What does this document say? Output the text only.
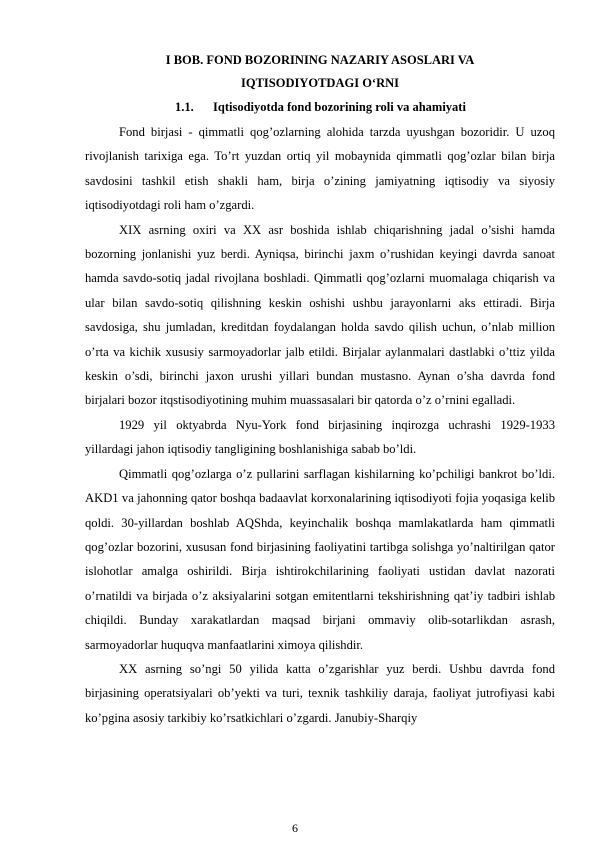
I BOB. FOND BOZORINING NAZARIY ASOSLARI VA
IQTISODIYOTDAGI O‘RNI
1.1. Iqtisodiyotda fond bozorining roli va ahamiyati

Fond birjasi - qimmatli qog’ozlarning alohida tarzda uyushgan bozoridir. U uzoq rivojlanish tarixiga ega. To’rt yuzdan ortiq yil mobaynida qimmatli qog’ozlar bilan birja savdosini tashkil etish shakli ham, birja o’zining jamiyatning iqtisodiy va siyosiy iqtisodiyotdagi roli ham o’zgardi.

XIX asrning oxiri va XX asr boshida ishlab chiqarishning jadal o’sishi hamda bozorning jonlanishi yuz berdi. Ayniqsa, birinchi jaxm o’rushidan keyingi davrda sanoat hamda savdo-sotiq jadal rivojlana boshladi. Qimmatli qog’ozlarni muomalaga chiqarish va ular bilan savdo-sotiq qilishning keskin oshishi ushbu jarayonlarni aks ettiradi. Birja savdosiga, shu jumladan, kreditdan foydalangan holda savdo qilish uchun, o’nlab million o’rta va kichik xususiy sarmoyadorlar jalb etildi. Birjalar aylanmalari dastlabki o’ttiz yilda keskin o’sdi, birinchi jaxon urushi yillari bundan mustasno. Aynan o’sha davrda fond birjalari bozor itqstisodiyotining muhim muassasalari bir qatorda o’z o’rnini egalladi.

1929 yil oktyabrda Nyu-York fond birjasining inqirozga uchrashi 1929-1933 yillardagi jahon iqtisodiy tangligining boshlanishiga sabab bo’ldi.

Qimmatli qog’ozlarga o’z pullarini sarflagan kishilarning ko’pchiligi bankrot bo’ldi. AKD1 va jahonning qator boshqa badaavlat korxonalarining iqtisodiyoti fojia yoqasiga kelib qoldi. 30-yillardan boshlab AQShda, keyinchalik boshqa mamlakatlarda ham qimmatli qog’ozlar bozorini, xususan fond birjasining faoliyatini tartibga solishga yo’naltirilgan qator islohotlar amalga oshirildi. Birja ishtirokchilarining faoliyati ustidan davlat nazorati o’rnatildi va birjada o’z aksiyalarini sotgan emitentlarni tekshirishning qat’iy tadbiri ishlab chiqildi. Bunday xarakatlardan maqsad birjani ommaviy olib-sotarlikdan asrash, sarmoyadorlar huquqva manfaatlarini ximoya qilishdir.

XX asrning so’ngi 50 yilida katta o’zgarishlar yuz berdi. Ushbu davrda fond birjasining operatsiyalari ob’yekti va turi, texnik tashkiliy daraja, faoliyat jutrofiyasi kabi ko’pgina asosiy tarkibiy ko’rsatkichlari o’zgardi. Janubiy-Sharqiy

6
